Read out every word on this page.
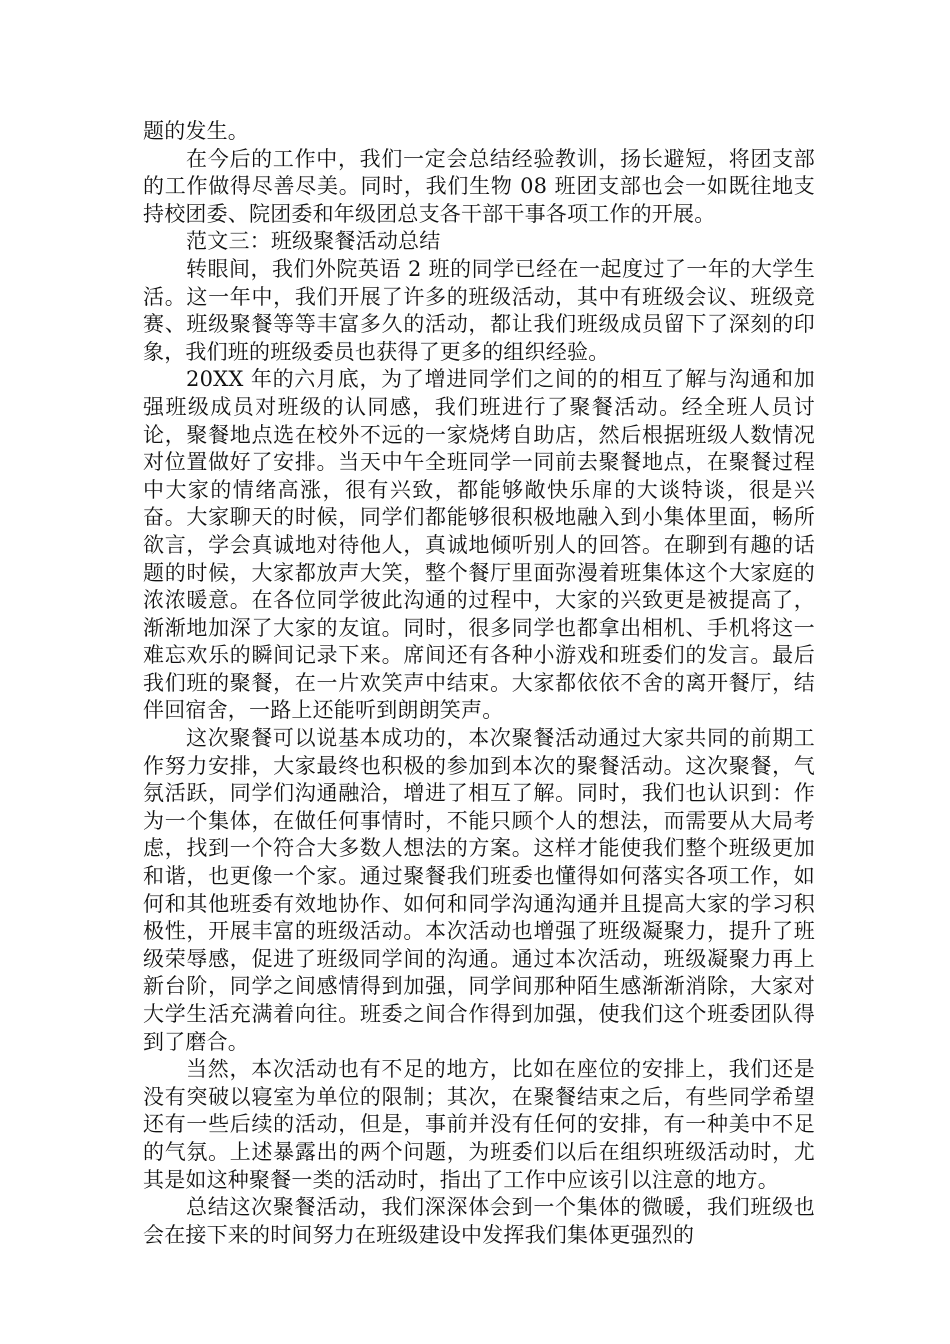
题的发生。

在今后的工作中，我们一定会总结经验教训，扬长避短，将团支部的工作做得尽善尽美。同时，我们生物 08 班团支部也会一如既往地支持校团委、院团委和年级团总支各干部干事各项工作的开展。

范文三：班级聚餐活动总结

转眼间，我们外院英语 2 班的同学已经在一起度过了一年的大学生活。这一年中，我们开展了许多的班级活动，其中有班级会议、班级竞赛、班级聚餐等等丰富多久的活动，都让我们班级成员留下了深刻的印象，我们班的班级委员也获得了更多的组织经验。

20XX 年的六月底，为了增进同学们之间的的相互了解与沟通和加强班级成员对班级的认同感，我们班进行了聚餐活动。经全班人员讨论，聚餐地点选在校外不远的一家烧烤自助店，然后根据班级人数情况对位置做好了安排。当天中午全班同学一同前去聚餐地点，在聚餐过程中大家的情绪高涨，很有兴致，都能够敞快乐扉的大谈特谈，很是兴奋。大家聊天的时候，同学们都能够很积极地融入到小集体里面，畅所欲言，学会真诚地对待他人，真诚地倾听别人的回答。在聊到有趣的话题的时候，大家都放声大笑，整个餐厅里面弥漫着班集体这个大家庭的浓浓暖意。在各位同学彼此沟通的过程中，大家的兴致更是被提高了，渐渐地加深了大家的友谊。同时，很多同学也都拿出相机、手机将这一难忘欢乐的瞬间记录下来。席间还有各种小游戏和班委们的发言。最后我们班的聚餐，在一片欢笑声中结束。大家都依依不舍的离开餐厅，结伴回宿舍，一路上还能听到朗朗笑声。

这次聚餐可以说基本成功的，本次聚餐活动通过大家共同的前期工作努力安排，大家最终也积极的参加到本次的聚餐活动。这次聚餐，气氛活跃，同学们沟通融洽，增进了相互了解。同时，我们也认识到：作为一个集体，在做任何事情时，不能只顾个人的想法，而需要从大局考虑，找到一个符合大多数人想法的方案。这样才能使我们整个班级更加和谐，也更像一个家。通过聚餐我们班委也懂得如何落实各项工作，如何和其他班委有效地协作、如何和同学沟通沟通并且提高大家的学习积极性，开展丰富的班级活动。本次活动也增强了班级凝聚力，提升了班级荣辱感，促进了班级同学间的沟通。通过本次活动，班级凝聚力再上新台阶，同学之间感情得到加强，同学间那种陌生感渐渐消除，大家对大学生活充满着向往。班委之间合作得到加强，使我们这个班委团队得到了磨合。

当然，本次活动也有不足的地方，比如在座位的安排上，我们还是没有突破以寝室为单位的限制；其次，在聚餐结束之后，有些同学希望还有一些后续的活动，但是，事前并没有任何的安排，有一种美中不足的气氛。上述暴露出的两个问题，为班委们以后在组织班级活动时，尤其是如这种聚餐一类的活动时，指出了工作中应该引以注意的地方。

总结这次聚餐活动，我们深深体会到一个集体的微暖，我们班级也会在接下来的时间努力在班级建设中发挥我们集体更强烈的
